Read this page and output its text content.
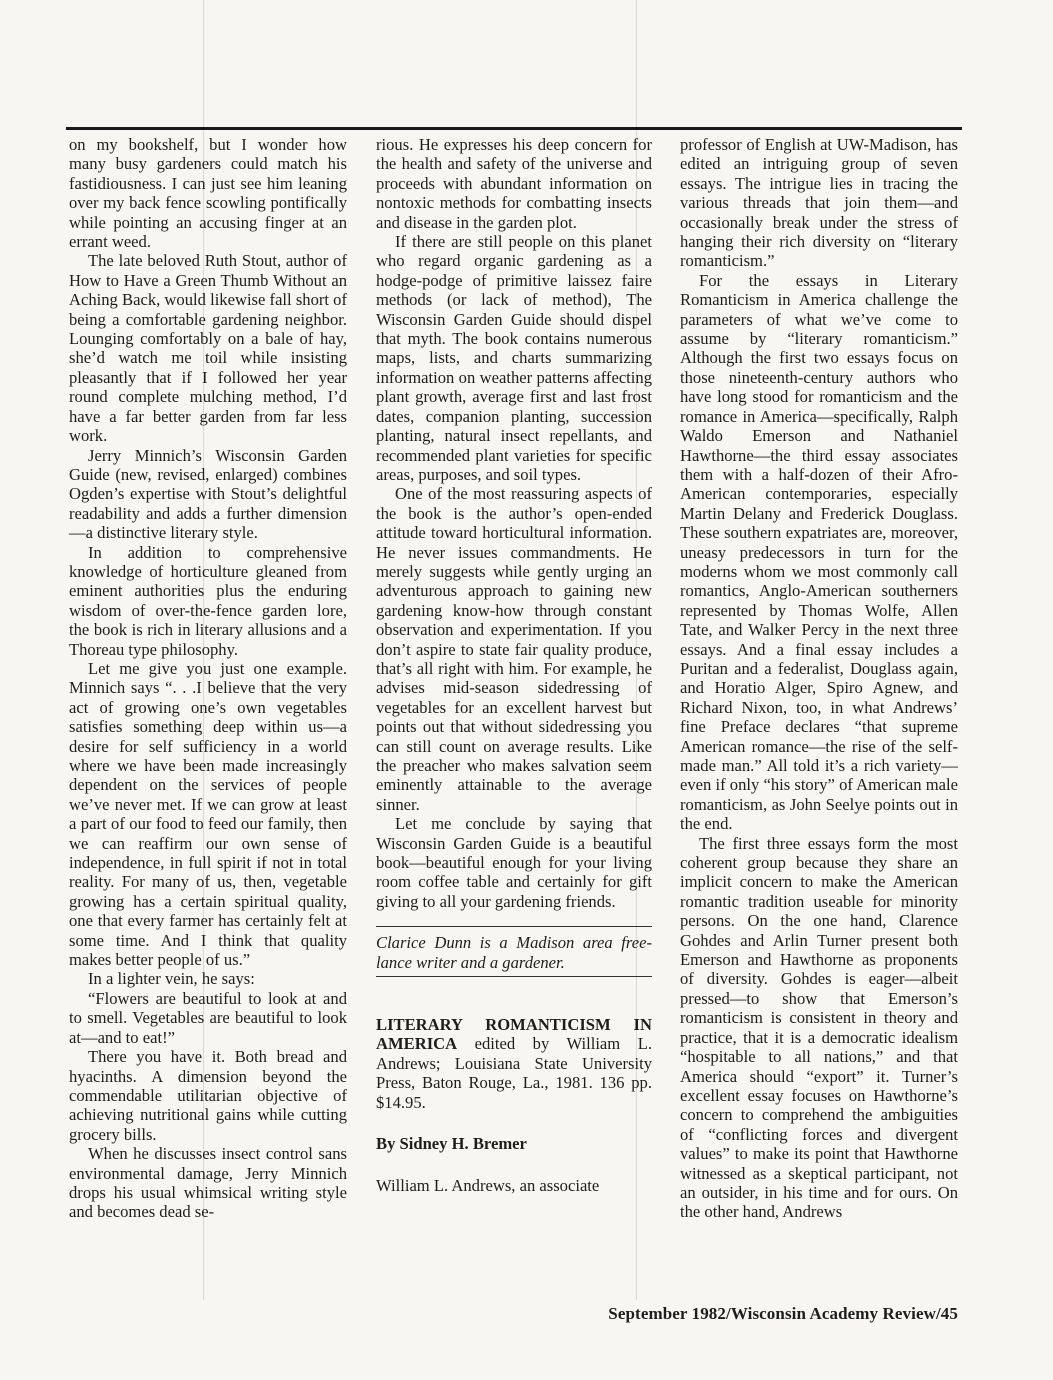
on my bookshelf, but I wonder how many busy gardeners could match his fastidiousness. I can just see him leaning over my back fence scowling pontifically while pointing an accusing finger at an errant weed.

The late beloved Ruth Stout, author of How to Have a Green Thumb Without an Aching Back, would likewise fall short of being a comfortable gardening neighbor. Lounging comfortably on a bale of hay, she’d watch me toil while insisting pleasantly that if I followed her year round complete mulching method, I’d have a far better garden from far less work.

Jerry Minnich’s Wisconsin Garden Guide (new, revised, enlarged) combines Ogden’s expertise with Stout’s delightful readability and adds a further dimension—a distinctive literary style.

In addition to comprehensive knowledge of horticulture gleaned from eminent authorities plus the enduring wisdom of over-the-fence garden lore, the book is rich in literary allusions and a Thoreau type philosophy.

Let me give you just one example. Minnich says “. . .I believe that the very act of growing one’s own vegetables satisfies something deep within us—a desire for self sufficiency in a world where we have been made increasingly dependent on the services of people we’ve never met. If we can grow at least a part of our food to feed our family, then we can reaffirm our own sense of independence, in full spirit if not in total reality. For many of us, then, vegetable growing has a certain spiritual quality, one that every farmer has certainly felt at some time. And I think that quality makes better people of us.”

In a lighter vein, he says:

“Flowers are beautiful to look at and to smell. Vegetables are beautiful to look at—and to eat!”

There you have it. Both bread and hyacinths. A dimension beyond the commendable utilitarian objective of achieving nutritional gains while cutting grocery bills.

When he discusses insect control sans environmental damage, Jerry Minnich drops his usual whimsical writing style and becomes dead se-

rious. He expresses his deep concern for the health and safety of the universe and proceeds with abundant information on nontoxic methods for combatting insects and disease in the garden plot.

If there are still people on this planet who regard organic gardening as a hodge-podge of primitive laissez faire methods (or lack of method), The Wisconsin Garden Guide should dispel that myth. The book contains numerous maps, lists, and charts summarizing information on weather patterns affecting plant growth, average first and last frost dates, companion planting, succession planting, natural insect repellants, and recommended plant varieties for specific areas, purposes, and soil types.

One of the most reassuring aspects of the book is the author’s open-ended attitude toward horticultural information. He never issues commandments. He merely suggests while gently urging an adventurous approach to gaining new gardening know-how through constant observation and experimentation. If you don’t aspire to state fair quality produce, that’s all right with him. For example, he advises mid-season sidedressing of vegetables for an excellent harvest but points out that without sidedressing you can still count on average results. Like the preacher who makes salvation seem eminently attainable to the average sinner.

Let me conclude by saying that Wisconsin Garden Guide is a beautiful book—beautiful enough for your living room coffee table and certainly for gift giving to all your gardening friends.

Clarice Dunn is a Madison area free-lance writer and a gardener.

LITERARY ROMANTICISM IN AMERICA edited by William L. Andrews; Louisiana State University Press, Baton Rouge, La., 1981. 136 pp. $14.95.

By Sidney H. Bremer

William L. Andrews, an associate

professor of English at UW-Madison, has edited an intriguing group of seven essays. The intrigue lies in tracing the various threads that join them—and occasionally break under the stress of hanging their rich diversity on “literary romanticism.”

For the essays in Literary Romanticism in America challenge the parameters of what we’ve come to assume by “literary romanticism.” Although the first two essays focus on those nineteenth-century authors who have long stood for romanticism and the romance in America—specifically, Ralph Waldo Emerson and Nathaniel Hawthorne—the third essay associates them with a half-dozen of their Afro-American contemporaries, especially Martin Delany and Frederick Douglass. These southern expatriates are, moreover, uneasy predecessors in turn for the moderns whom we most commonly call romantics, Anglo-American southerners represented by Thomas Wolfe, Allen Tate, and Walker Percy in the next three essays. And a final essay includes a Puritan and a federalist, Douglass again, and Horatio Alger, Spiro Agnew, and Richard Nixon, too, in what Andrews’ fine Preface declares “that supreme American romance—the rise of the self-made man.” All told it’s a rich variety—even if only “his story” of American male romanticism, as John Seelye points out in the end.

The first three essays form the most coherent group because they share an implicit concern to make the American romantic tradition useable for minority persons. On the one hand, Clarence Gohdes and Arlin Turner present both Emerson and Hawthorne as proponents of diversity. Gohdes is eager—albeit pressed—to show that Emerson’s romanticism is consistent in theory and practice, that it is a democratic idealism “hospitable to all nations,” and that America should “export” it. Turner’s excellent essay focuses on Hawthorne’s concern to comprehend the ambiguities of “conflicting forces and divergent values” to make its point that Hawthorne witnessed as a skeptical participant, not an outsider, in his time and for ours. On the other hand, Andrews

September 1982/Wisconsin Academy Review/45
